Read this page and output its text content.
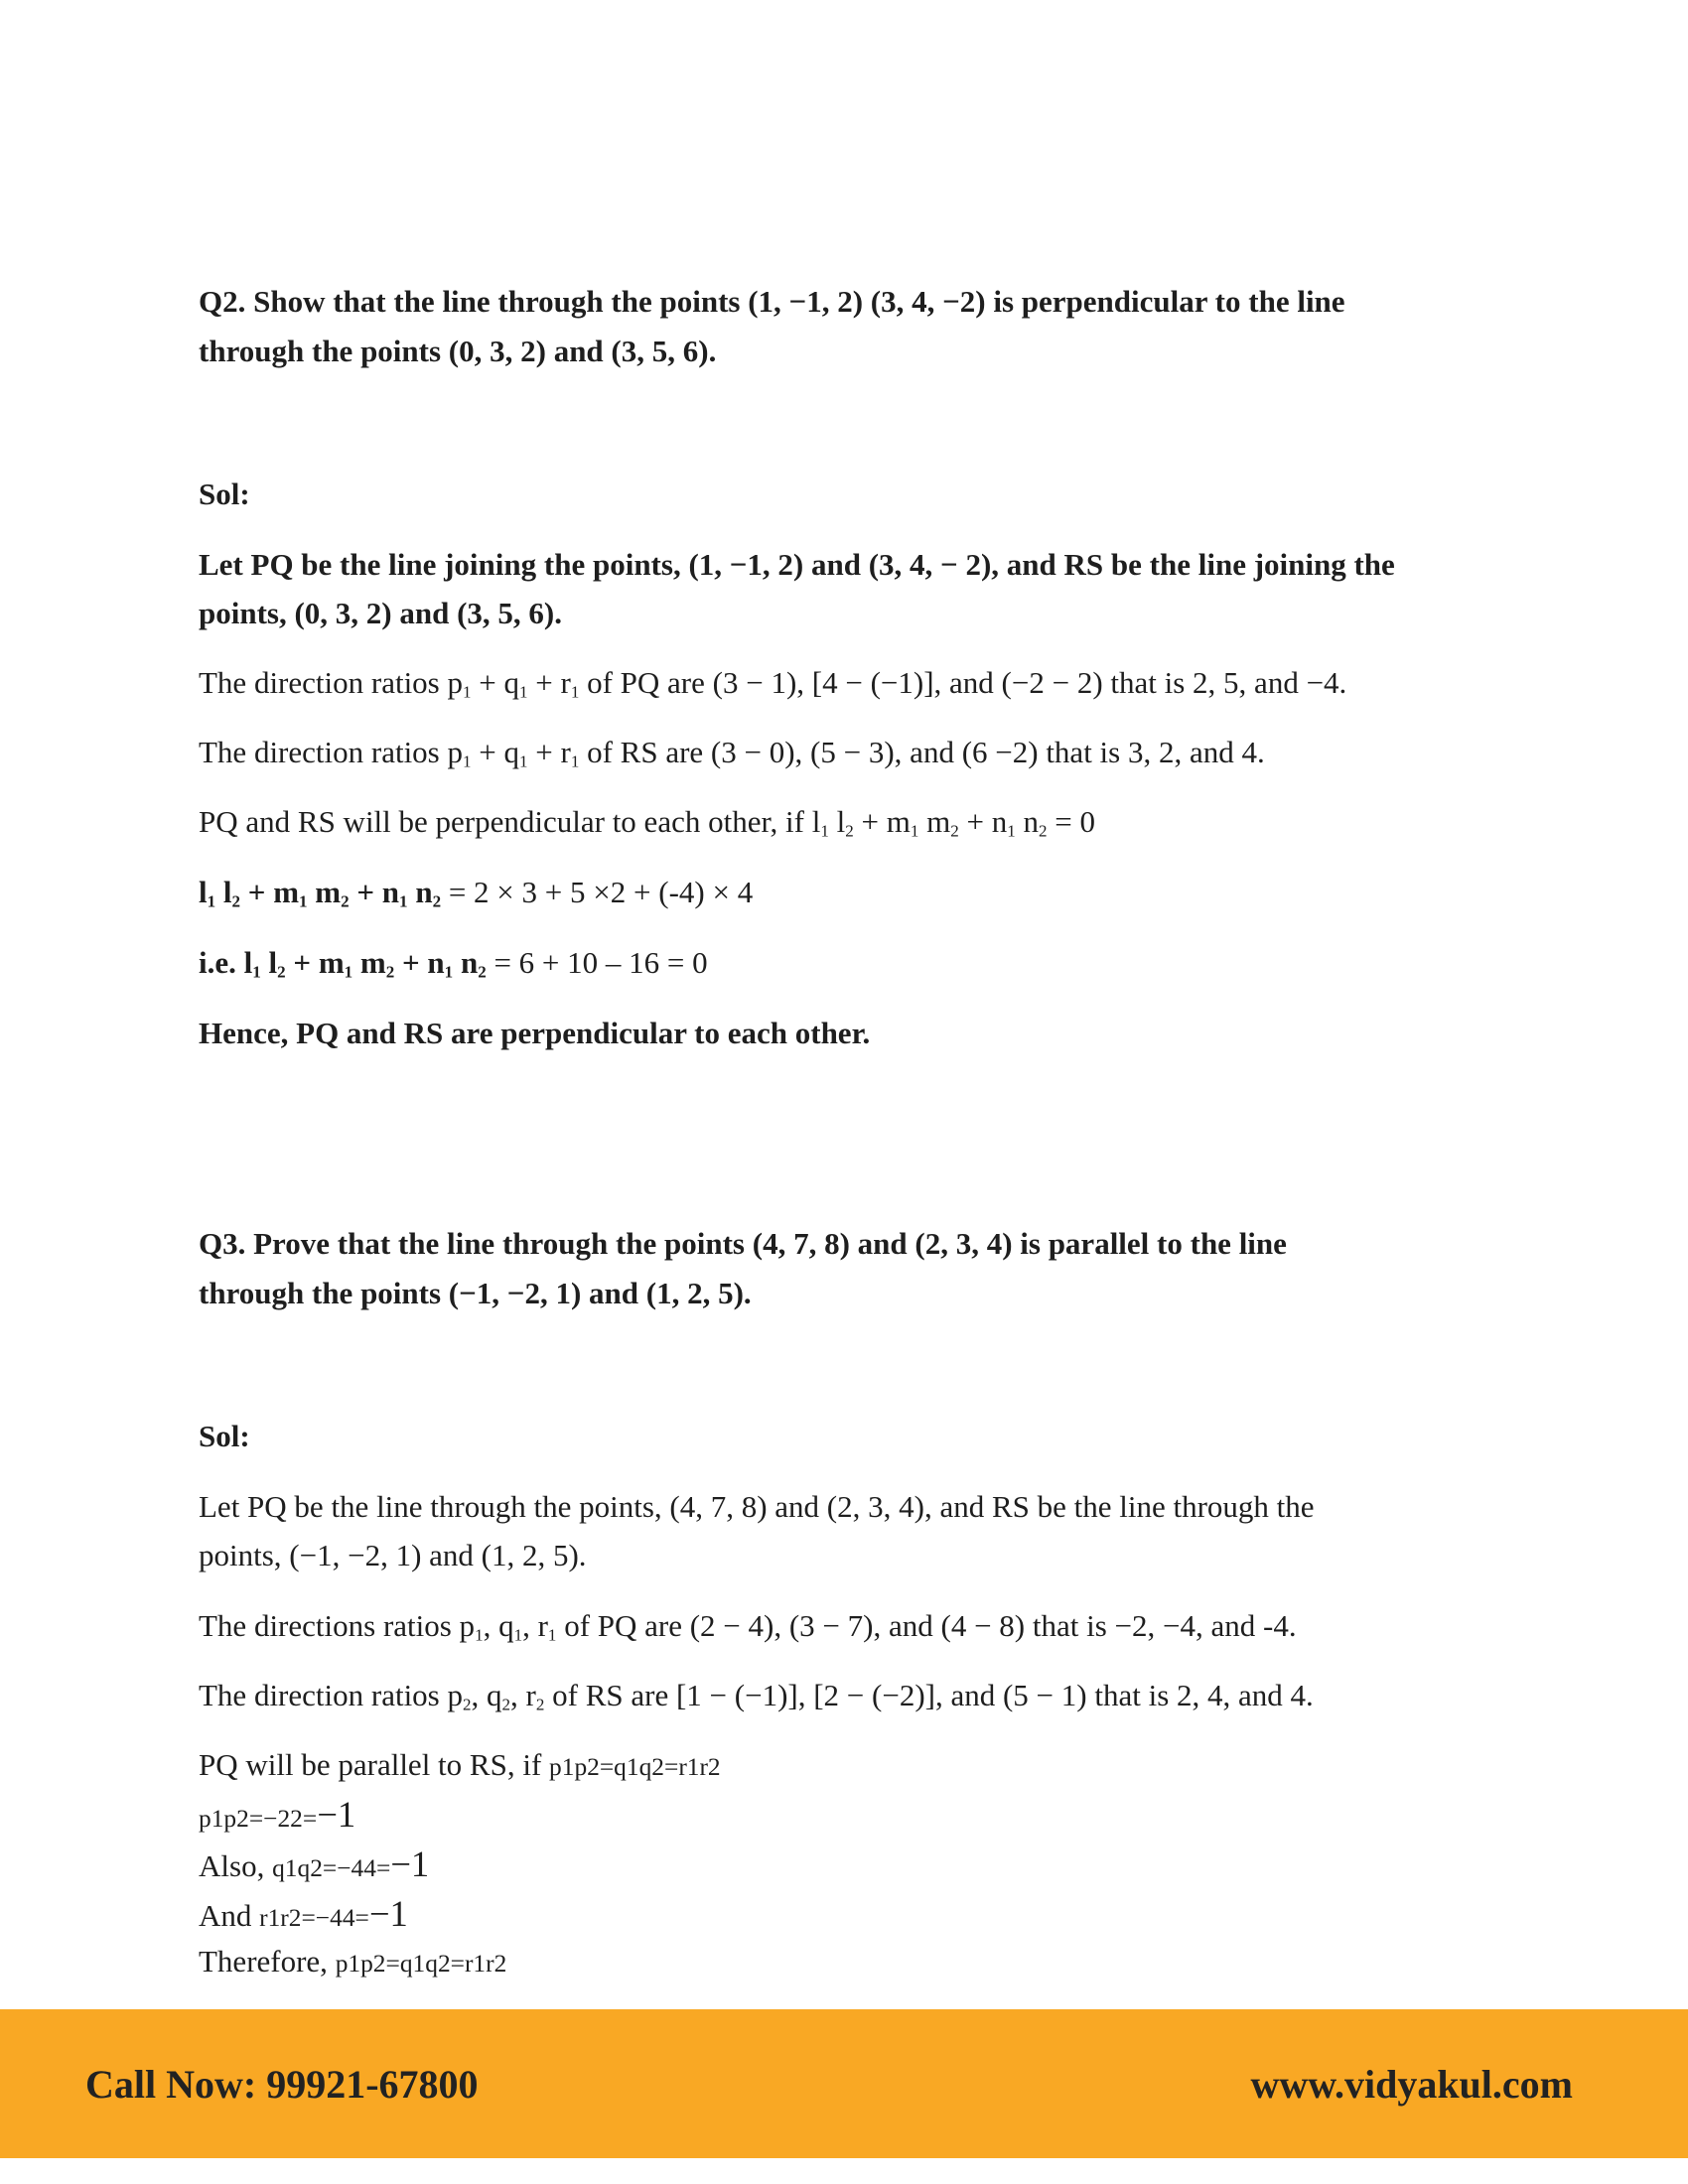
Q2. Show that the line through the points (1, −1, 2) (3, 4, −2) is perpendicular to the line
through the points (0, 3, 2) and (3, 5, 6).
Sol:
Let PQ be the line joining the points, (1, −1, 2) and (3, 4, − 2), and RS be the line joining the
points, (0, 3, 2) and (3, 5, 6).
The direction ratios $p_1 + q_1 + r_1$ of PQ are (3 − 1), [4 − (−1)], and (−2 − 2) that is 2, 5, and −4.
The direction ratios $p_1 + q_1 + r_1$ of RS are (3 − 0), (5 − 3), and (6 −2) that is 3, 2, and 4.
PQ and RS will be perpendicular to each other, if $l_1$ $l_2 + m_1$ $m_2 + n_1$ $n_2 = 0$
$l_1$ $l_2 + m_1$ $m_2 + n_1$ $n_2 = 2 \times 3 + 5 \times 2 + (-4) \times 4$
i.e. $l_1$ $l_2 + m_1$ $m_2 + n_1$ $n_2 = 6 + 10 - 16 = 0$
Hence, PQ and RS are perpendicular to each other.
Q3. Prove that the line through the points (4, 7, 8) and (2, 3, 4) is parallel to the line
through the points (−1, −2, 1) and (1, 2, 5).
Sol:
Let PQ be the line through the points, (4, 7, 8) and (2, 3, 4), and RS be the line through the
points, (−1, −2, 1) and (1, 2, 5).
The directions ratios $p_1$, $q_1$, $r_1$ of PQ are (2 − 4), (3 − 7), and (4 − 8) that is −2, −4, and -4.
The direction ratios $p_2$, $q_2$, $r_2$ of RS are [1 − (−1)], [2 − (−2)], and (5 − 1) that is 2, 4, and 4.
PQ will be parallel to RS, if p1p2=q1q2=r1r2
p1p2=−22=−1
Also, q1q2=−44=−1
And r1r2=−44=−1
Therefore, p1p2=q1q2=r1r2
Call Now: 99921-67800	www.vidyakul.com
